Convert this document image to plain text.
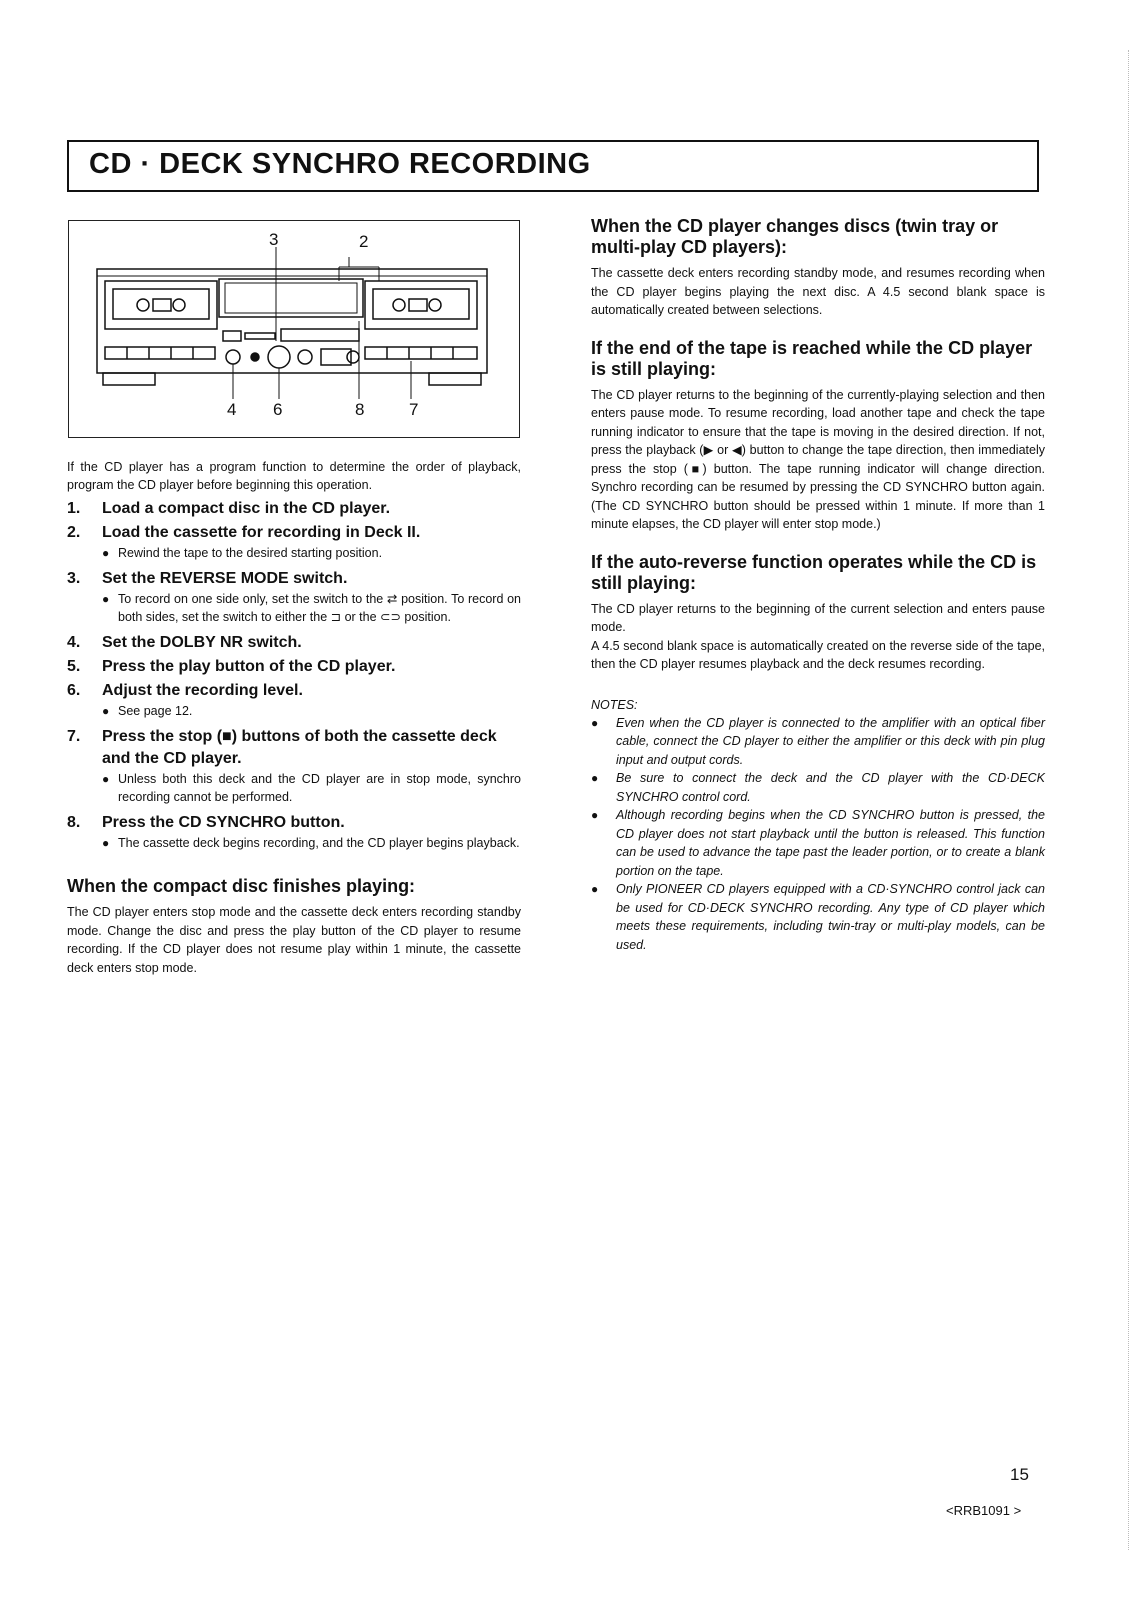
CD · DECK SYNCHRO RECORDING
3	2
4 6	8	7

If the CD player has a program function to determine the order of playback, program the CD player before beginning this operation.

1.	Load a compact disc in the CD player.
2.	Load the cassette for recording in Deck II.
● Rewind the tape to the desired starting position.
3.	Set the REVERSE MODE switch.
● To record on one side only, set the switch to the ⇄ position. To record on both sides, set the switch to either the ⊐ or the ⊂⊃ position.
4.	Set the DOLBY NR switch.
5.	Press the play button of the CD player.
6.	Adjust the recording level.
● See page 12.
7.	Press the stop (■) buttons of both the cassette deck and the CD player.
● Unless both this deck and the CD player are in stop mode, synchro recording cannot be performed.
8.	Press the CD SYNCHRO button.
● The cassette deck begins recording, and the CD player begins playback.
When the compact disc finishes playing:

The CD player enters stop mode and the cassette deck enters recording standby mode. Change the disc and press the play button of the CD player to resume recording. If the CD player does not resume play within 1 minute, the cassette deck enters stop mode.

When the CD player changes discs (twin tray or multi-play CD players):

The cassette deck enters recording standby mode, and resumes recording when the CD player begins playing the next disc. A 4.5 second blank space is automatically created between selections.

If the end of the tape is reached while the CD player is still playing:

The CD player returns to the beginning of the currently-playing selection and then enters pause mode. To resume recording, load another tape and check the tape running indicator to ensure that the tape is moving in the desired direction. If not, press the playback (▶ or ◀) button to change the tape direction, then immediately press the stop (■) button. The tape running indicator will change direction. Synchro recording can be resumed by pressing the CD SYNCHRO button again. (The CD SYNCHRO button should be pressed within 1 minute. If more than 1 minute elapses, the CD player will enter stop mode.)

If the auto-reverse function operates while the CD is still playing:

The CD player returns to the beginning of the current selection and enters pause mode.
A 4.5 second blank space is automatically created on the reverse side of the tape, then the CD player resumes playback and the deck resumes recording.

NOTES:
●	Even when the CD player is connected to the amplifier with an optical fiber cable, connect the CD player to either the amplifier or this deck with pin plug input and output cords.
●	Be sure to connect the deck and the CD player with the CD·DECK SYNCHRO control cord.
●	Although recording begins when the CD SYNCHRO button is pressed, the CD player does not start playback until the button is released. This function can be used to advance the tape past the leader portion, or to create a blank portion on the tape.
●	Only PIONEER CD players equipped with a CD·SYNCHRO control jack can be used for CD·DECK SYNCHRO recording. Any type of CD player which meets these requirements, including twin-tray or multi-play models, can be used.
15
<RRB1091 >
